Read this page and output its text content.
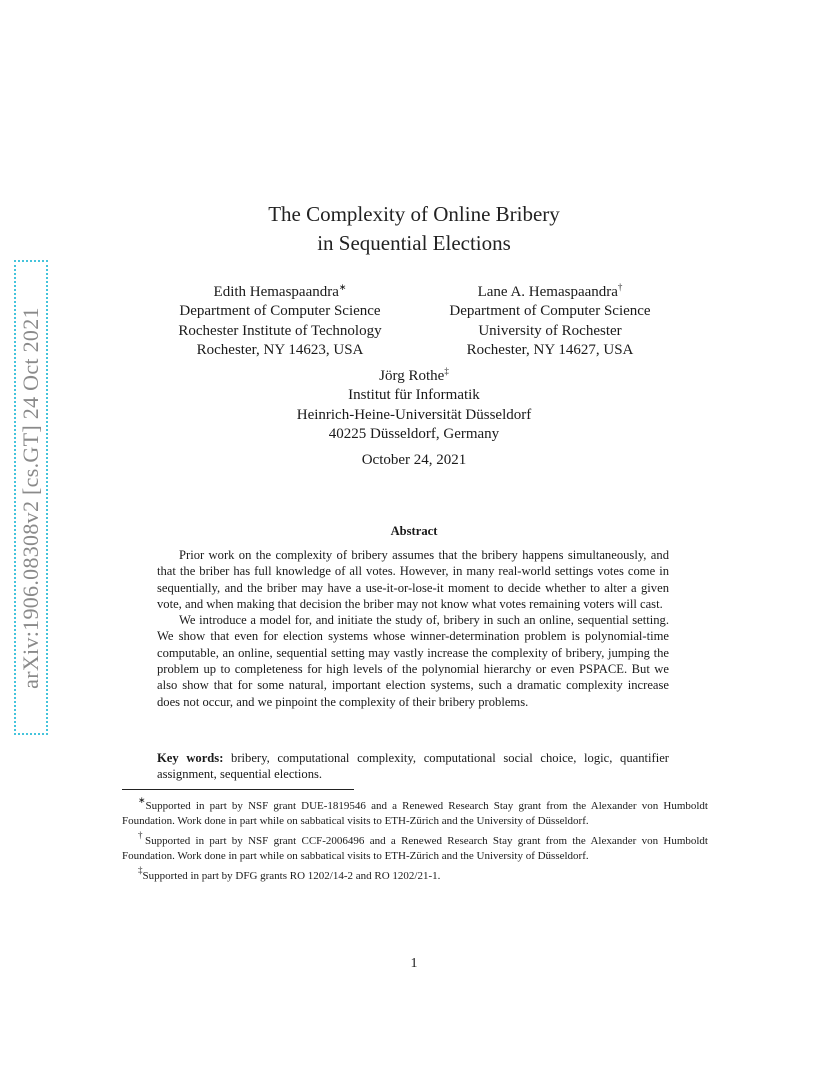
arXiv:1906.08308v2 [cs.GT] 24 Oct 2021
The Complexity of Online Bribery
in Sequential Elections
Edith Hemaspaandra∗
Department of Computer Science
Rochester Institute of Technology
Rochester, NY 14623, USA
Lane A. Hemaspaandra†
Department of Computer Science
University of Rochester
Rochester, NY 14627, USA
Jörg Rothe‡
Institut für Informatik
Heinrich-Heine-Universität Düsseldorf
40225 Düsseldorf, Germany
October 24, 2021
Abstract

Prior work on the complexity of bribery assumes that the bribery happens simultaneously, and that the briber has full knowledge of all votes. However, in many real-world settings votes come in sequentially, and the briber may have a use-it-or-lose-it moment to decide whether to alter a given vote, and when making that decision the briber may not know what votes remaining voters will cast.

We introduce a model for, and initiate the study of, bribery in such an online, sequential setting. We show that even for election systems whose winner-determination problem is polynomial-time computable, an online, sequential setting may vastly increase the complexity of bribery, jumping the problem up to completeness for high levels of the polynomial hierarchy or even PSPACE. But we also show that for some natural, important election systems, such a dramatic complexity increase does not occur, and we pinpoint the complexity of their bribery problems.

Key words: bribery, computational complexity, computational social choice, logic, quantifier assignment, sequential elections.

∗Supported in part by NSF grant DUE-1819546 and a Renewed Research Stay grant from the Alexander von Humboldt Foundation. Work done in part while on sabbatical visits to ETH-Zürich and the University of Düsseldorf.

†Supported in part by NSF grant CCF-2006496 and a Renewed Research Stay grant from the Alexander von Humboldt Foundation. Work done in part while on sabbatical visits to ETH-Zürich and the University of Düsseldorf.

‡Supported in part by DFG grants RO 1202/14-2 and RO 1202/21-1.

1
